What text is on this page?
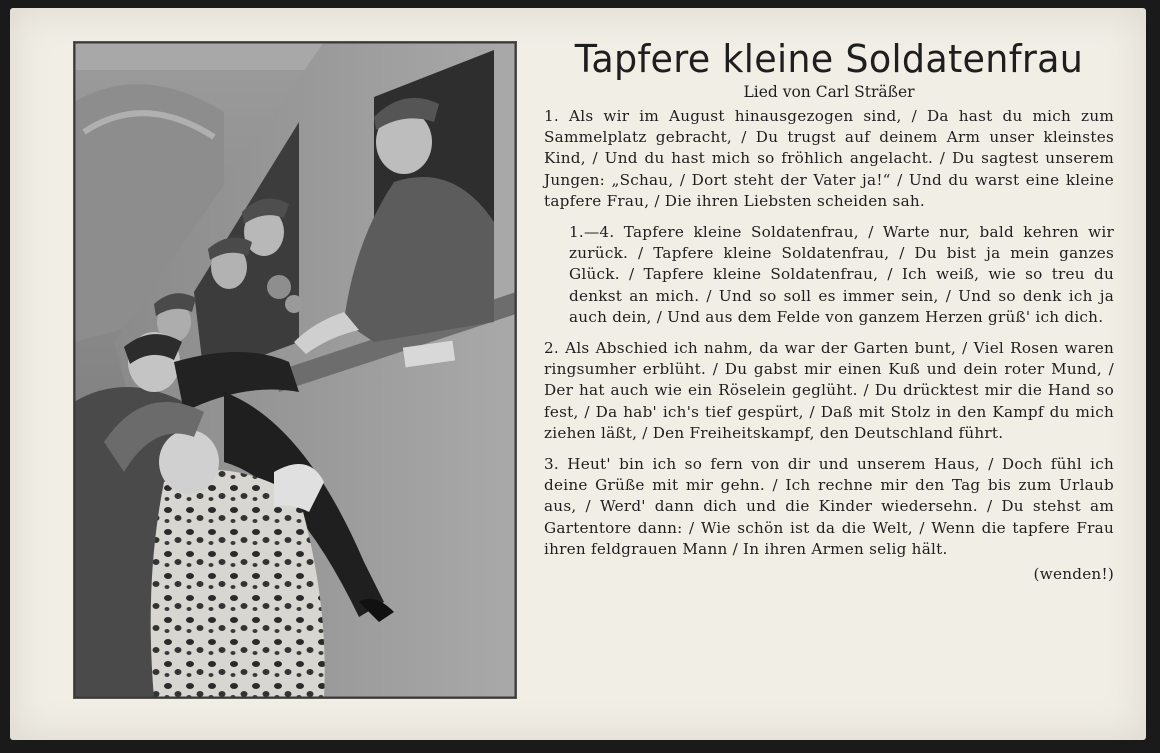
Tapfere kleine Soldatenfrau

Lied von Carl Sträßer

1. Als wir im August hinausgezogen sind, / Da hast du mich zum Sammelplatz gebracht, / Du trugst auf deinem Arm unser kleinstes Kind, / Und du hast mich so fröhlich angelacht. / Du sagtest unserem Jungen: „Schau, / Dort steht der Vater ja!“ / Und du warst eine kleine tapfere Frau, / Die ihren Liebsten scheiden sah.

1.—4. Tapfere kleine Soldatenfrau, / Warte nur, bald kehren wir zurück. / Tapfere kleine Soldatenfrau, / Du bist ja mein ganzes Glück. / Tapfere kleine Soldatenfrau, / Ich weiß, wie so treu du denkst an mich. / Und so soll es immer sein, / Und so denk ich ja auch dein, / Und aus dem Felde von ganzem Herzen grüß' ich dich.

2. Als Abschied ich nahm, da war der Garten bunt, / Viel Rosen waren ringsumher erblüht. / Du gabst mir einen Kuß und dein roter Mund, / Der hat auch wie ein Röselein geglüht. / Du drücktest mir die Hand so fest, / Da hab' ich's tief gespürt, / Daß mit Stolz in den Kampf du mich ziehen läßt, / Den Freiheitskampf, den Deutschland führt.

3. Heut' bin ich so fern von dir und unserem Haus, / Doch fühl ich deine Grüße mit mir gehn. / Ich rechne mir den Tag bis zum Urlaub aus, / Werd' dann dich und die Kinder wiedersehn. / Du stehst am Gartentore dann: / Wie schön ist da die Welt, / Wenn die tapfere Frau ihren feldgrauen Mann / In ihren Armen selig hält.

(wenden!)
